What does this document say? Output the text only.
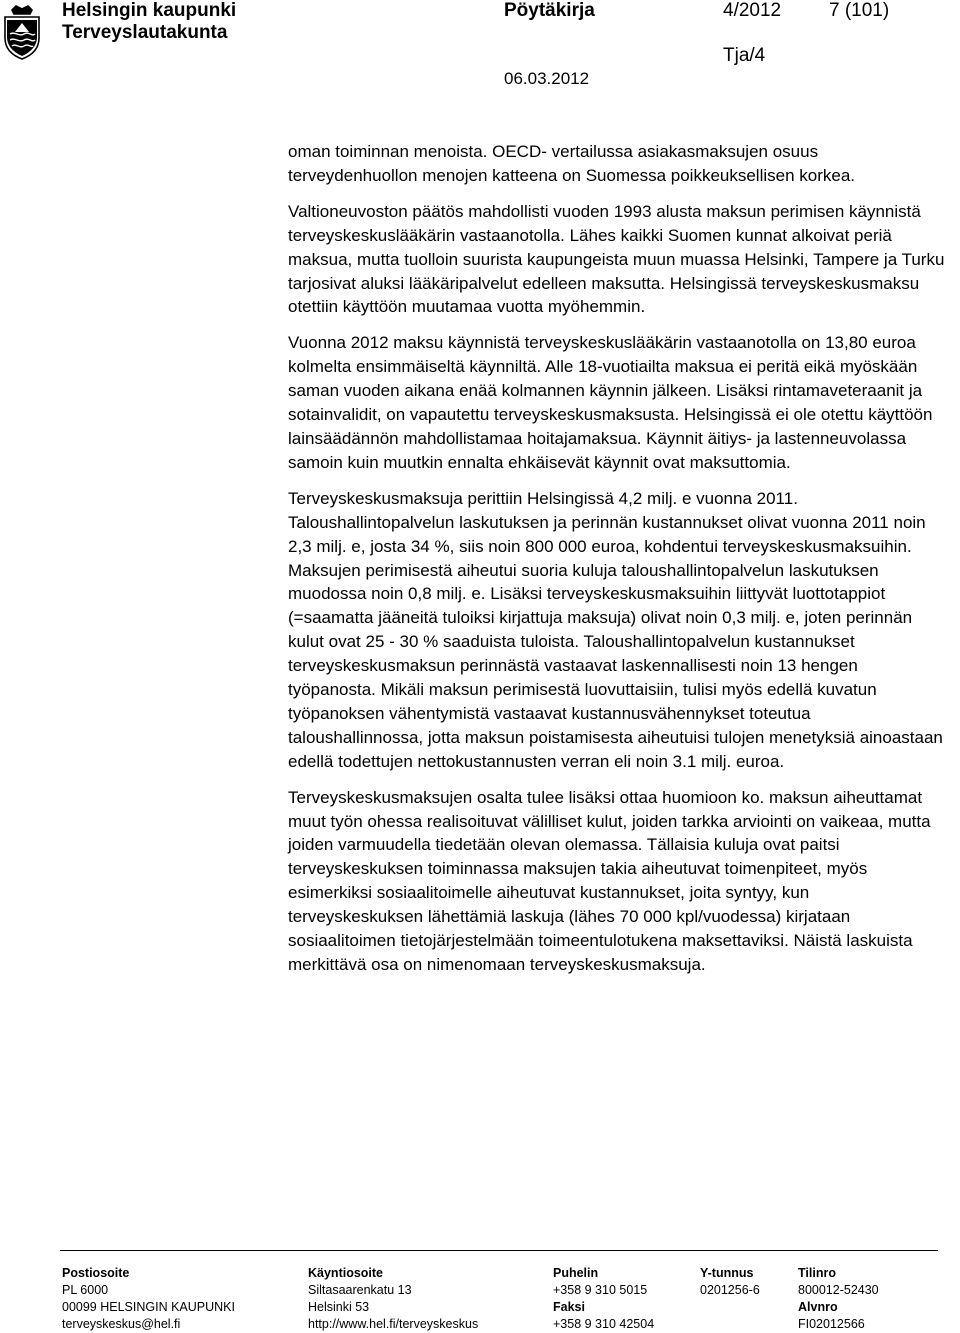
Helsingin kaupunki
Terveyslautakunta
Pöytäkirja	4/2012	7 (101)
Tja/4
06.03.2012

oman toiminnan menoista. OECD- vertailussa asiakasmaksujen osuus terveydenhuollon menojen katteena on Suomessa poikkeuksellisen korkea.

Valtioneuvoston päätös mahdollisti vuoden 1993 alusta maksun perimisen käynnistä terveyskeskuslääkärin vastaanotolla. Lähes kaikki Suomen kunnat alkoivat periä maksua, mutta tuolloin suurista kaupungeista muun muassa Helsinki, Tampere ja Turku tarjosivat aluksi lääkäripalvelut edelleen maksutta. Helsingissä terveyskeskusmaksu otettiin käyttöön muutamaa vuotta myöhemmin.

Vuonna 2012 maksu käynnistä terveyskeskuslääkärin vastaanotolla on 13,80 euroa kolmelta ensimmäiseltä käynniltä. Alle 18-vuotiailta maksua ei peritä eikä myöskään saman vuoden aikana enää kolmannen käynnin jälkeen. Lisäksi rintamaveteraanit ja sotainvalidit, on vapautettu terveyskeskusmaksusta. Helsingissä ei ole otettu käyttöön lainsäädännön mahdollistamaa hoitajamaksua. Käynnit äitiys- ja lastenneuvolassa samoin kuin muutkin ennalta ehkäisevät käynnit ovat maksuttomia.

Terveyskeskusmaksuja perittiin Helsingissä 4,2 milj. e vuonna 2011. Taloushallintopalvelun laskutuksen ja perinnän kustannukset olivat vuonna 2011 noin 2,3 milj. e, josta 34 %, siis noin 800 000 euroa, kohdentui terveyskeskusmaksuihin. Maksujen perimisestä aiheutui suoria kuluja taloushallintopalvelun laskutuksen muodossa noin 0,8 milj. e. Lisäksi terveyskeskusmaksuihin liittyvät luottotappiot (=saamatta jääneitä tuloiksi kirjattuja maksuja) olivat noin 0,3 milj. e, joten perinnän kulut ovat 25 - 30 % saaduista tuloista. Taloushallintopalvelun kustannukset terveyskeskusmaksun perinnästä vastaavat laskennallisesti noin 13 hengen työpanosta. Mikäli maksun perimisestä luovuttaisiin, tulisi myös edellä kuvatun työpanoksen vähentymistä vastaavat kustannusvähennykset toteutua taloushallinnossa, jotta maksun poistamisesta aiheutuisi tulojen menetyksiä ainoastaan edellä todettujen nettokustannusten verran eli noin 3.1 milj. euroa.

Terveyskeskusmaksujen osalta tulee lisäksi ottaa huomioon ko. maksun aiheuttamat muut työn ohessa realisoituvat välilliset kulut, joiden tarkka arviointi on vaikeaa, mutta joiden varmuudella tiedetään olevan olemassa. Tällaisia kuluja ovat paitsi terveyskeskuksen toiminnassa maksujen takia aiheutuvat toimenpiteet, myös esimerkiksi sosiaalitoimelle aiheutuvat kustannukset, joita syntyy, kun terveyskeskuksen lähettämiä laskuja (lähes 70 000 kpl/vuodessa) kirjataan sosiaalitoimen tietojärjestelmään toimeentulotukena maksettaviksi. Näistä laskuista merkittävä osa on nimenomaan terveyskeskusmaksuja.

Postiosoite
PL 6000
00099 HELSINGIN KAUPUNKI
terveyskeskus@hel.fi
Käyntiosoite
Siltasaarenkatu 13
Helsinki 53
http://www.hel.fi/terveyskeskus
Puhelin
+358 9 310 5015
Faksi
+358 9 310 42504
Y-tunnus
0201256-6
Tilinro
800012-52430
Alvnro
FI02012566
